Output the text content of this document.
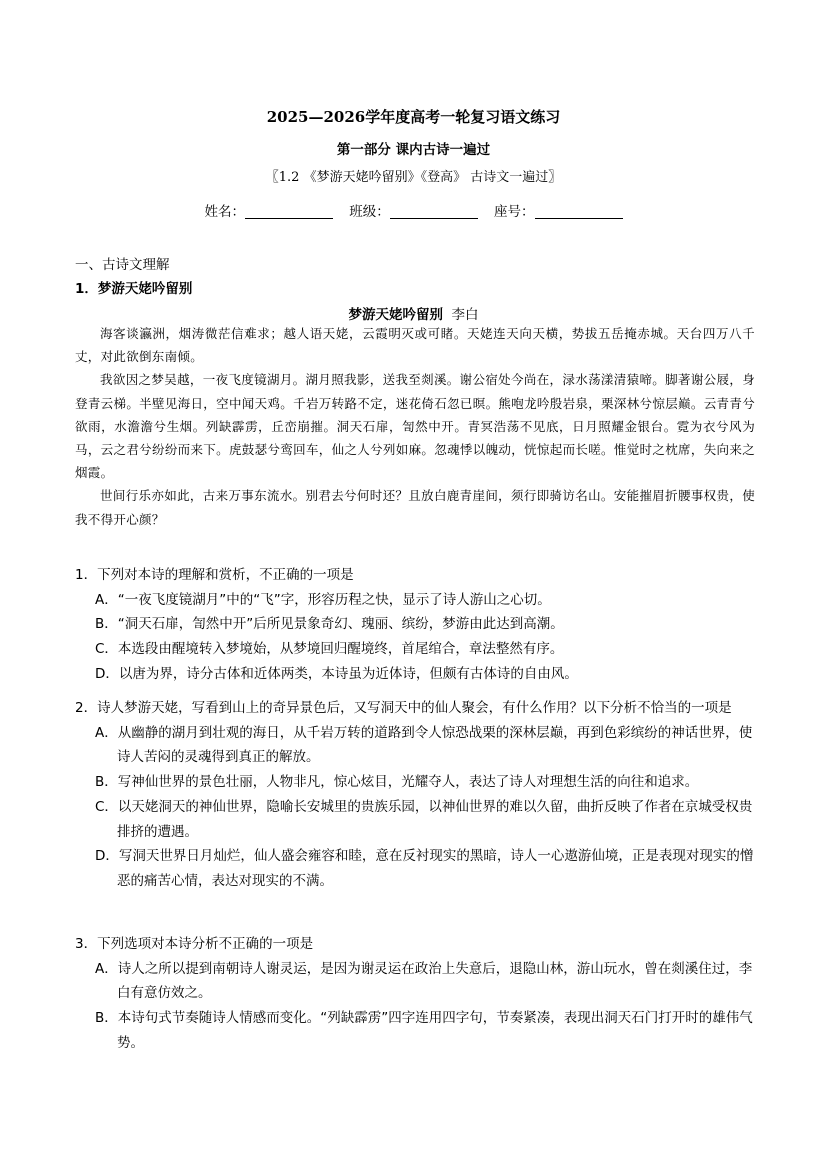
2025—2026学年度高考一轮复习语文练习
第一部分 课内古诗一遍过
〖1.2 《梦游天姥吟留别》《登高》 古诗文一遍过〗
姓名：	班级：	座号：
一、古诗文理解
1．梦游天姥吟留别
梦游天姥吟留别 李白

海客谈瀛洲，烟涛微茫信难求；越人语天姥，云霞明灭或可睹。天姥连天向天横，势拔五岳掩赤城。天台四万八千丈，对此欲倒东南倾。

我欲因之梦吴越，一夜飞度镜湖月。湖月照我影，送我至剡溪。谢公宿处今尚在，渌水荡漾清猿啼。脚著谢公屐，身登青云梯。半壁见海日，空中闻天鸡。千岩万转路不定，迷花倚石忽已暝。熊咆龙吟殷岩泉，栗深林兮惊层巅。云青青兮欲雨，水澹澹兮生烟。列缺霹雳，丘峦崩摧。洞天石扉，訇然中开。青冥浩荡不见底，日月照耀金银台。霓为衣兮风为马，云之君兮纷纷而来下。虎鼓瑟兮鸾回车，仙之人兮列如麻。忽魂悸以魄动，恍惊起而长嗟。惟觉时之枕席，失向来之烟霞。

世间行乐亦如此，古来万事东流水。别君去兮何时还？且放白鹿青崖间，须行即骑访名山。安能摧眉折腰事权贵，使我不得开心颜？

1．下列对本诗的理解和赏析，不正确的一项是
A．“一夜飞度镜湖月”中的“飞”字，形容历程之快，显示了诗人游山之心切。
B．“洞天石扉，訇然中开”后所见景象奇幻、瑰丽、缤纷，梦游由此达到高潮。
C．本选段由醒境转入梦境始，从梦境回归醒境终，首尾绾合，章法整然有序。
D．以唐为界，诗分古体和近体两类，本诗虽为近体诗，但颇有古体诗的自由风。
2．诗人梦游天姥，写看到山上的奇异景色后，又写洞天中的仙人聚会，有什么作用？以下分析不恰当的一项是
A．从幽静的湖月到壮观的海日，从千岩万转的道路到令人惊恐战栗的深林层巅，再到色彩缤纷的神话世界，使诗人苦闷的灵魂得到真正的解放。
B．写神仙世界的景色壮丽，人物非凡，惊心炫目，光耀夺人，表达了诗人对理想生活的向往和追求。
C．以天姥洞天的神仙世界，隐喻长安城里的贵族乐园，以神仙世界的难以久留，曲折反映了作者在京城受权贵排挤的遭遇。
D．写洞天世界日月灿烂，仙人盛会雍容和睦，意在反衬现实的黑暗，诗人一心遨游仙境，正是表现对现实的憎恶的痛苦心情，表达对现实的不满。
3．下列选项对本诗分析不正确的一项是
A．诗人之所以提到南朝诗人谢灵运，是因为谢灵运在政治上失意后，退隐山林，游山玩水，曾在剡溪住过，李白有意仿效之。
B．本诗句式节奏随诗人情感而变化。“列缺霹雳”四字连用四字句，节奏紧凑，表现出洞天石门打开时的雄伟气势。
